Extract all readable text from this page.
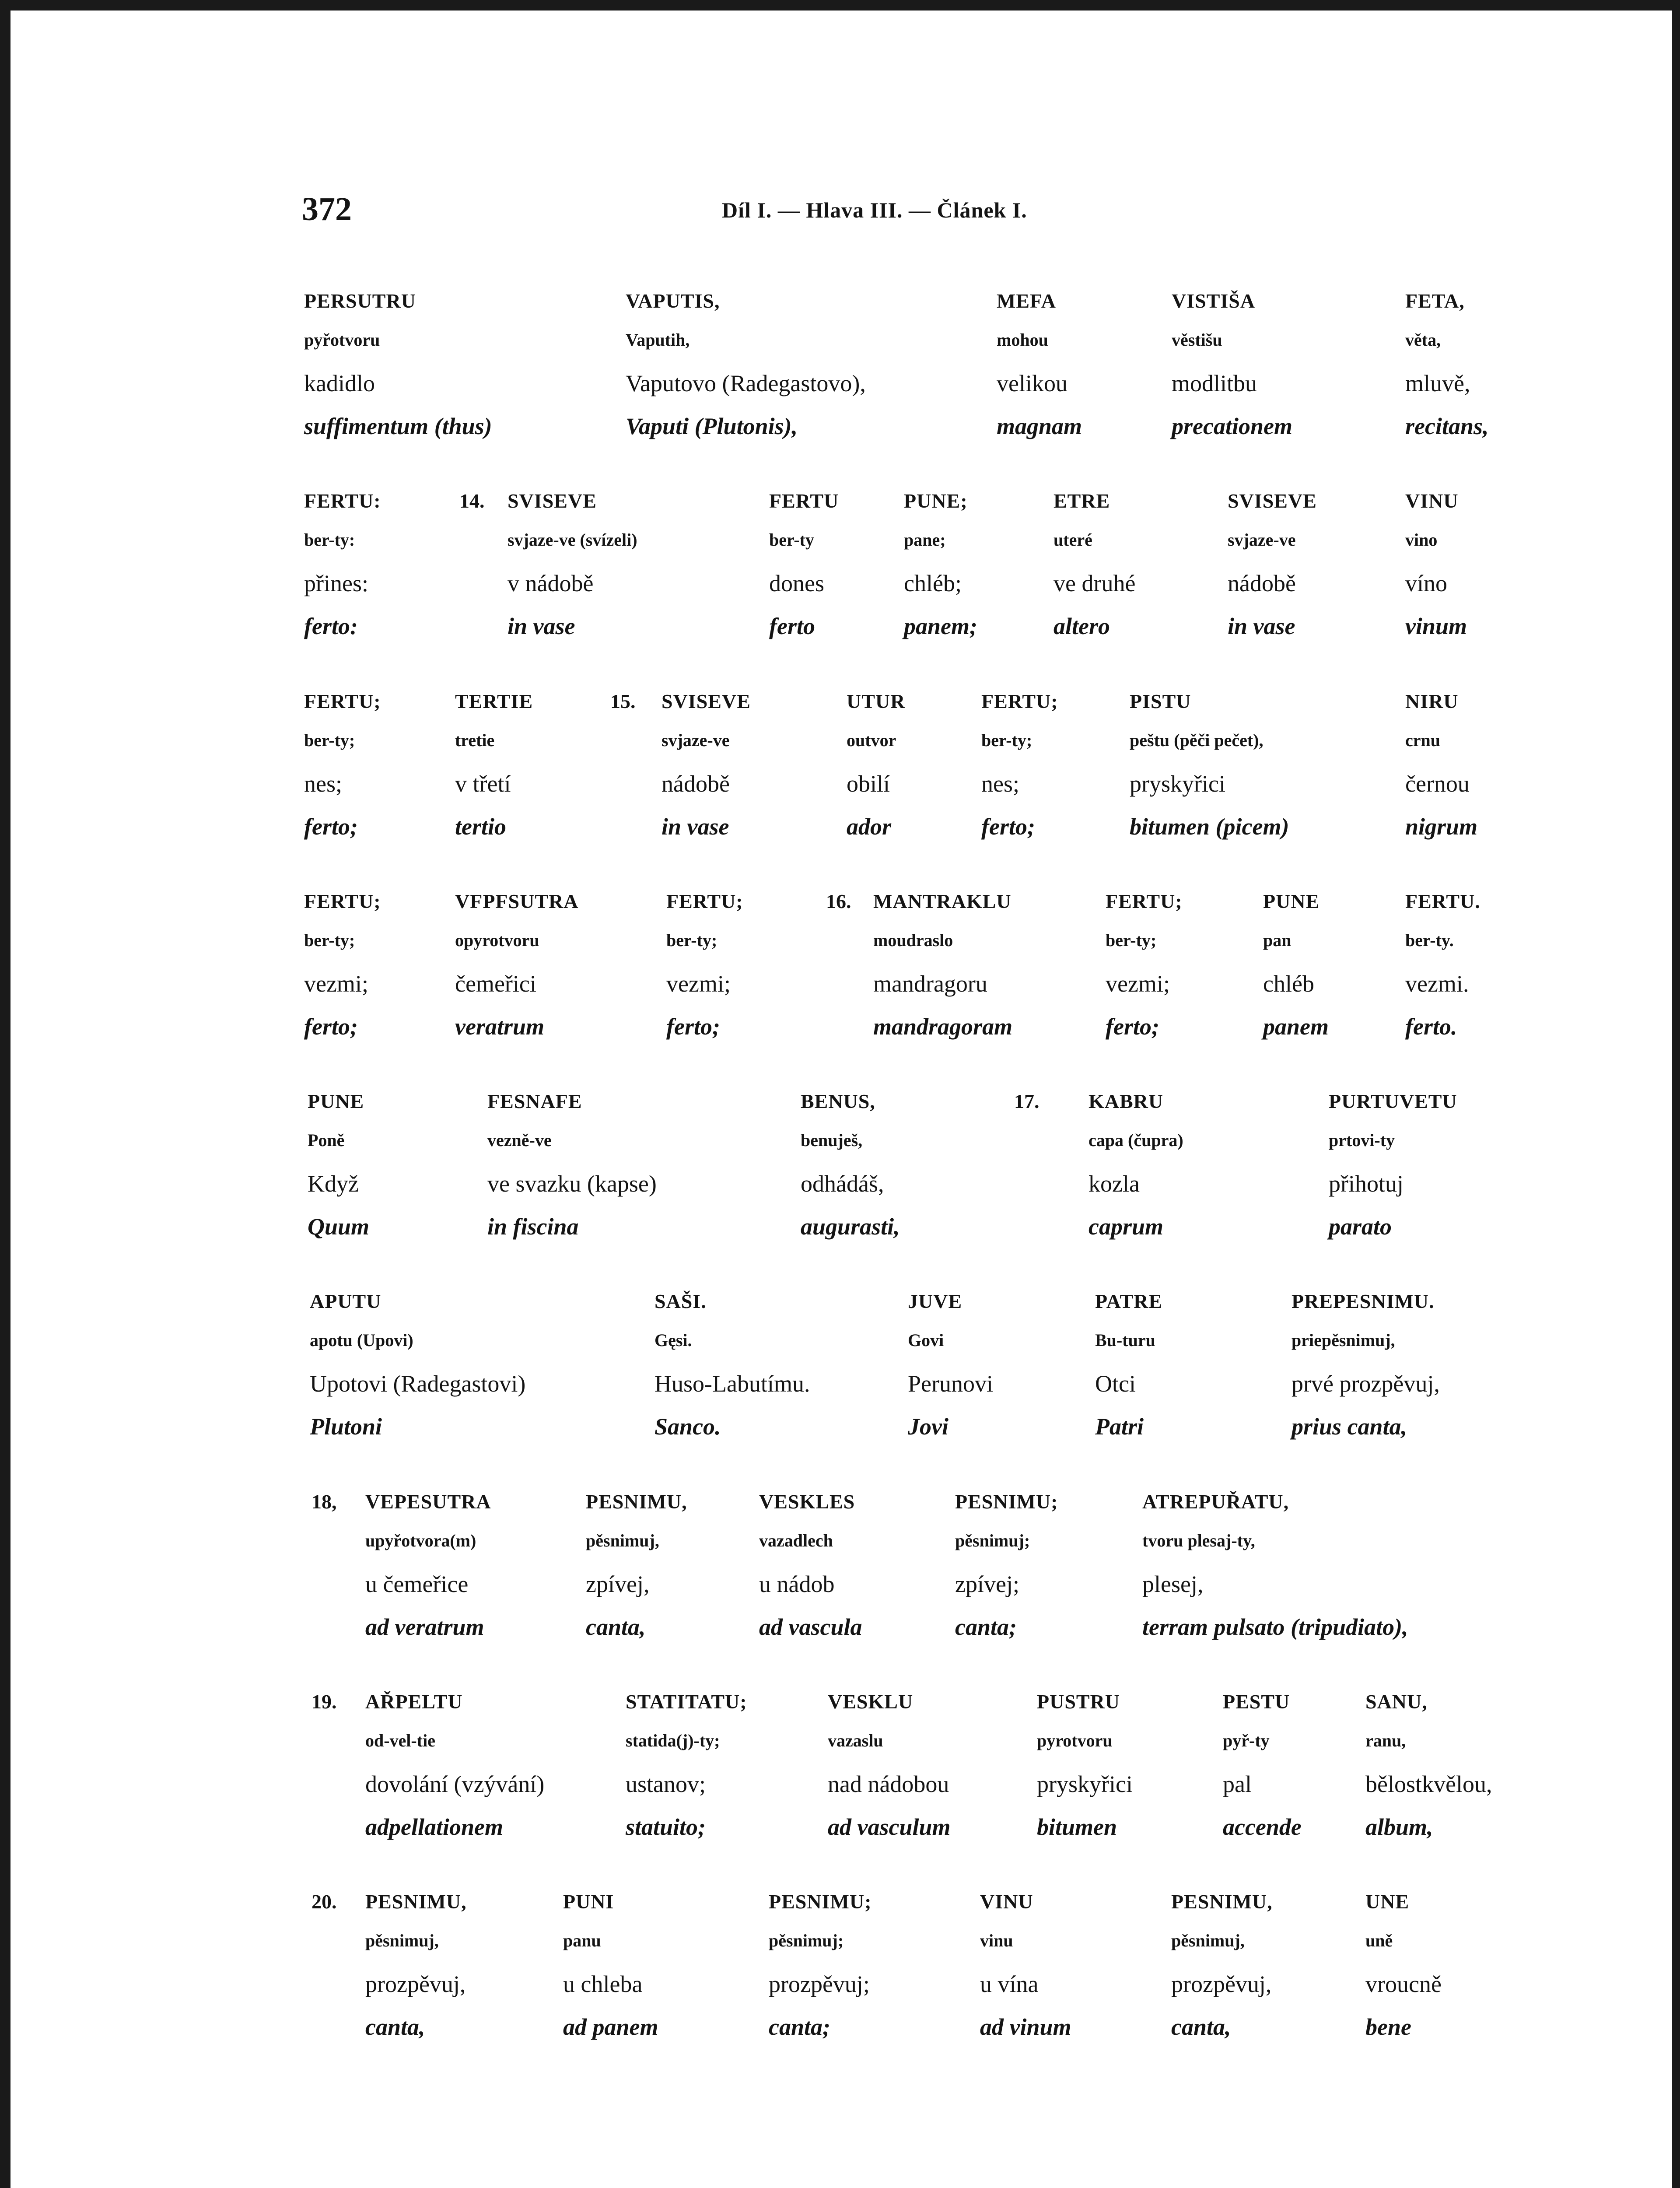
372	Díl I. — Hlava III. — Článek I.
PERSUTRU
pyřotvoru
kadidlo
suffimentum (thus)
VAPUTIS,
Vaputih,
Vaputovo (Radegastovo),
Vaputi (Plutonis),
MEFA
mohou
velikou
magnam
VISTIŠA
věstišu
modlitbu
precationem
FETA,
věta,
mluvě,
recitans,
FERTU:
ber-ty:
přines:
ferto:
SVISEVE
svjaze-ve (svízeli)
v nádobě
in vase
FERTU
ber-ty
dones
ferto
PUNE;
pane;
chléb;
panem;
ETRE
uteré
ve druhé
altero
SVISEVE
svjaze-ve
nádobě
in vase
VINU
vino
víno
vinum
FERTU;
ber-ty;
nes;
ferto;
TERTIE
tretie
v třetí
tertio
SVISEVE
svjaze-ve
nádobě
in vase
UTUR
outvor
obilí
ador
FERTU;
ber-ty;
nes;
ferto;
PISTU
peštu (pěči pečet),
pryskyřici
bitumen (picem)
NIRU
crnu
černou
nigrum
FERTU;
ber-ty;
vezmi;
ferto;
VFPFSUTRA
opyrotvoru
čemeřici
veratrum
FERTU;
ber-ty;
vezmi;
ferto;
MANTRAKLU
moudraslo
mandragoru
mandragoram
FERTU;
ber-ty;
vezmi;
ferto;
PUNE
pan
chléb
panem
FERTU.
ber-ty.
vezmi.
ferto.
PUNE
Poně
Když
Quum
FESNAFE
vezně-ve
ve svazku (kapse)
in fiscina
BENUS,
benuješ,
odhádáš,
augurasti,
KABRU
capa (čupra)
kozla
caprum
PURTUVETU
prtovi-ty
přihotuj
parato
APUTU
apotu (Upovi)
Upotovi (Radegastovi)
Plutoni
SAŠI.
Gęsi.
Huso-Labutímu.
Sanco.
JUVE
Govi
Perunovi
Jovi
PATRE
Bu-turu
Otci
Patri
PREPESNIMU.
priepěsnimuj,
prvé prozpěvuj,
prius canta,
VEPESUTRA
upyřotvora(m)
u čemeřice
ad veratrum
PESNIMU,
pěsnimuj,
zpívej,
canta,
VESKLES
vazadlech
u nádob
ad vascula
PESNIMU;
pěsnimuj;
zpívej;
canta;
ATREPUŘATU,
tvoru plesaj-ty,
plesej,
terram pulsato (tripudiato),
AŘPELTU
od-vel-tie
dovolání (vzývání)
adpellationem
STATITATU;
statida(j)-ty;
ustanov;
statuito;
VESKLU
vazaslu
nad nádobou
ad vasculum
PUSTRU
pyrotvoru
pryskyřici
bitumen
PESTU
pyř-ty
pal
accende
SANU,
ranu,
bělostkvělou,
album,
PESNIMU,
pěsnimuj,
prozpěvuj,
canta,
PUNI
panu
u chleba
ad panem
PESNIMU;
pěsnimuj;
prozpěvuj;
canta;
VINU
vinu
u vína
ad vinum
PESNIMU,
pěsnimuj,
prozpěvuj,
canta,
UNE
uně
vroucně
bene
14.
15.
16.
17.
18,
19.
20.
